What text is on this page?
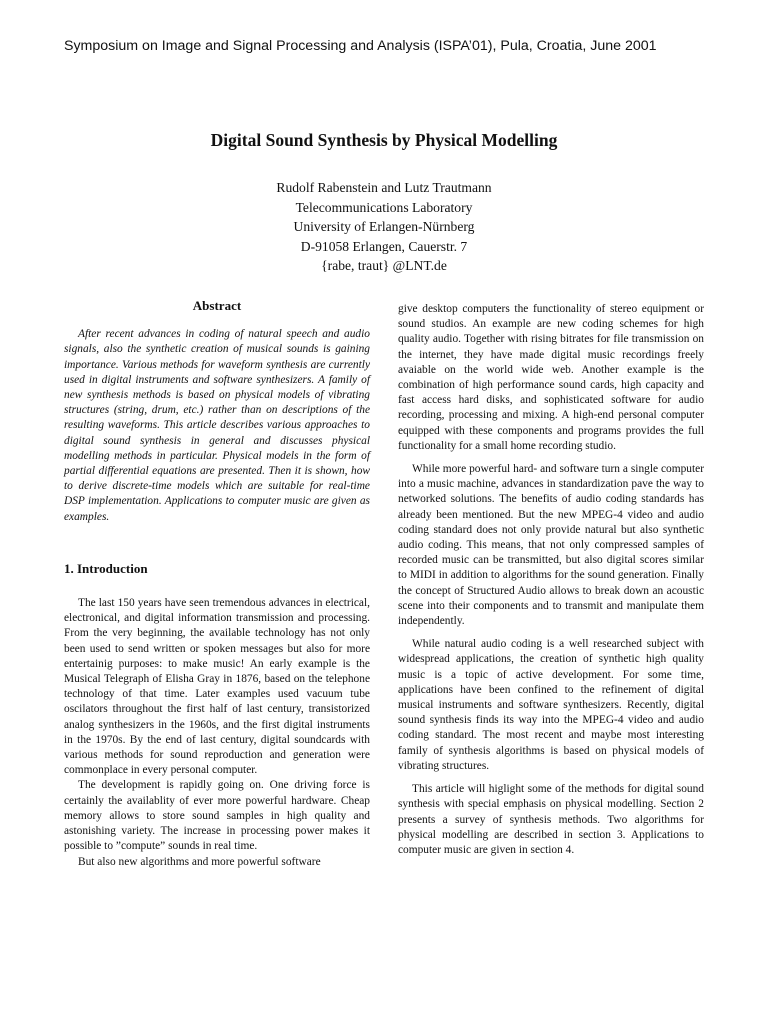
Symposium on Image and Signal Processing and Analysis (ISPA’01), Pula, Croatia, June 2001
Digital Sound Synthesis by Physical Modelling
Rudolf Rabenstein and Lutz Trautmann
Telecommunications Laboratory
University of Erlangen-Nürnberg
D-91058 Erlangen, Cauerstr. 7
{rabe, traut} @LNT.de
Abstract

After recent advances in coding of natural speech and audio signals, also the synthetic creation of musical sounds is gaining importance. Various methods for waveform synthesis are currently used in digital instruments and software synthesizers. A family of new synthesis methods is based on physical models of vibrating structures (string, drum, etc.) rather than on descriptions of the resulting waveforms. This article describes various approaches to digital sound synthesis in general and discusses physical modelling methods in particular. Physical models in the form of partial differential equations are presented. Then it is shown, how to derive discrete-time models which are suitable for real-time DSP implementation. Applications to computer music are given as examples.

1. Introduction

The last 150 years have seen tremendous advances in electrical, electronical, and digital information transmission and processing. From the very beginning, the available technology has not only been used to send written or spoken messages but also for more entertainig purposes: to make music! An early example is the Musical Telegraph of Elisha Gray in 1876, based on the telephone technology of that time. Later examples used vacuum tube oscilators throughout the first half of last century, transistorized analog synthesizers in the 1960s, and the first digital instruments in the 1970s. By the end of last century, digital soundcards with various methods for sound reproduction and generation were commonplace in every personal computer.

The development is rapidly going on. One driving force is certainly the availablity of ever more powerful hardware. Cheap memory allows to store sound samples in high quality and astonishing variety. The increase in processing power makes it possible to ”compute” sounds in real time.

But also new algorithms and more powerful software

give desktop computers the functionality of stereo equipment or sound studios. An example are new coding schemes for high quality audio. Together with rising bitrates for file transmission on the internet, they have made digital music recordings freely avaiable on the world wide web. Another example is the combination of high performance sound cards, high capacity and fast access hard disks, and sophisticated software for audio recording, processing and mixing. A high-end personal computer equipped with these components and programs provides the full functionality for a small home recording studio.

While more powerful hard- and software turn a single computer into a music machine, advances in standardization pave the way to networked solutions. The benefits of audio coding standards has already been mentioned. But the new MPEG-4 video and audio coding standard does not only provide natural but also synthetic audio coding. This means, that not only compressed samples of recorded music can be transmitted, but also digital scores similar to MIDI in addition to algorithms for the sound generation. Finally the concept of Structured Audio allows to break down an acoustic scene into their components and to transmit and manipulate them independently.

While natural audio coding is a well researched subject with widespread applications, the creation of synthetic high quality music is a topic of active development. For some time, applications have been confined to the refinement of digital musical instruments and software synthesizers. Recently, digital sound synthesis finds its way into the MPEG-4 video and audio coding standard. The most recent and maybe most interesting family of synthesis algorithms is based on physical models of vibrating structures.

This article will higlight some of the methods for digital sound synthesis with special emphasis on physical modelling. Section 2 presents a survey of synthesis methods. Two algorithms for physical modelling are described in section 3. Applications to computer music are given in section 4.
